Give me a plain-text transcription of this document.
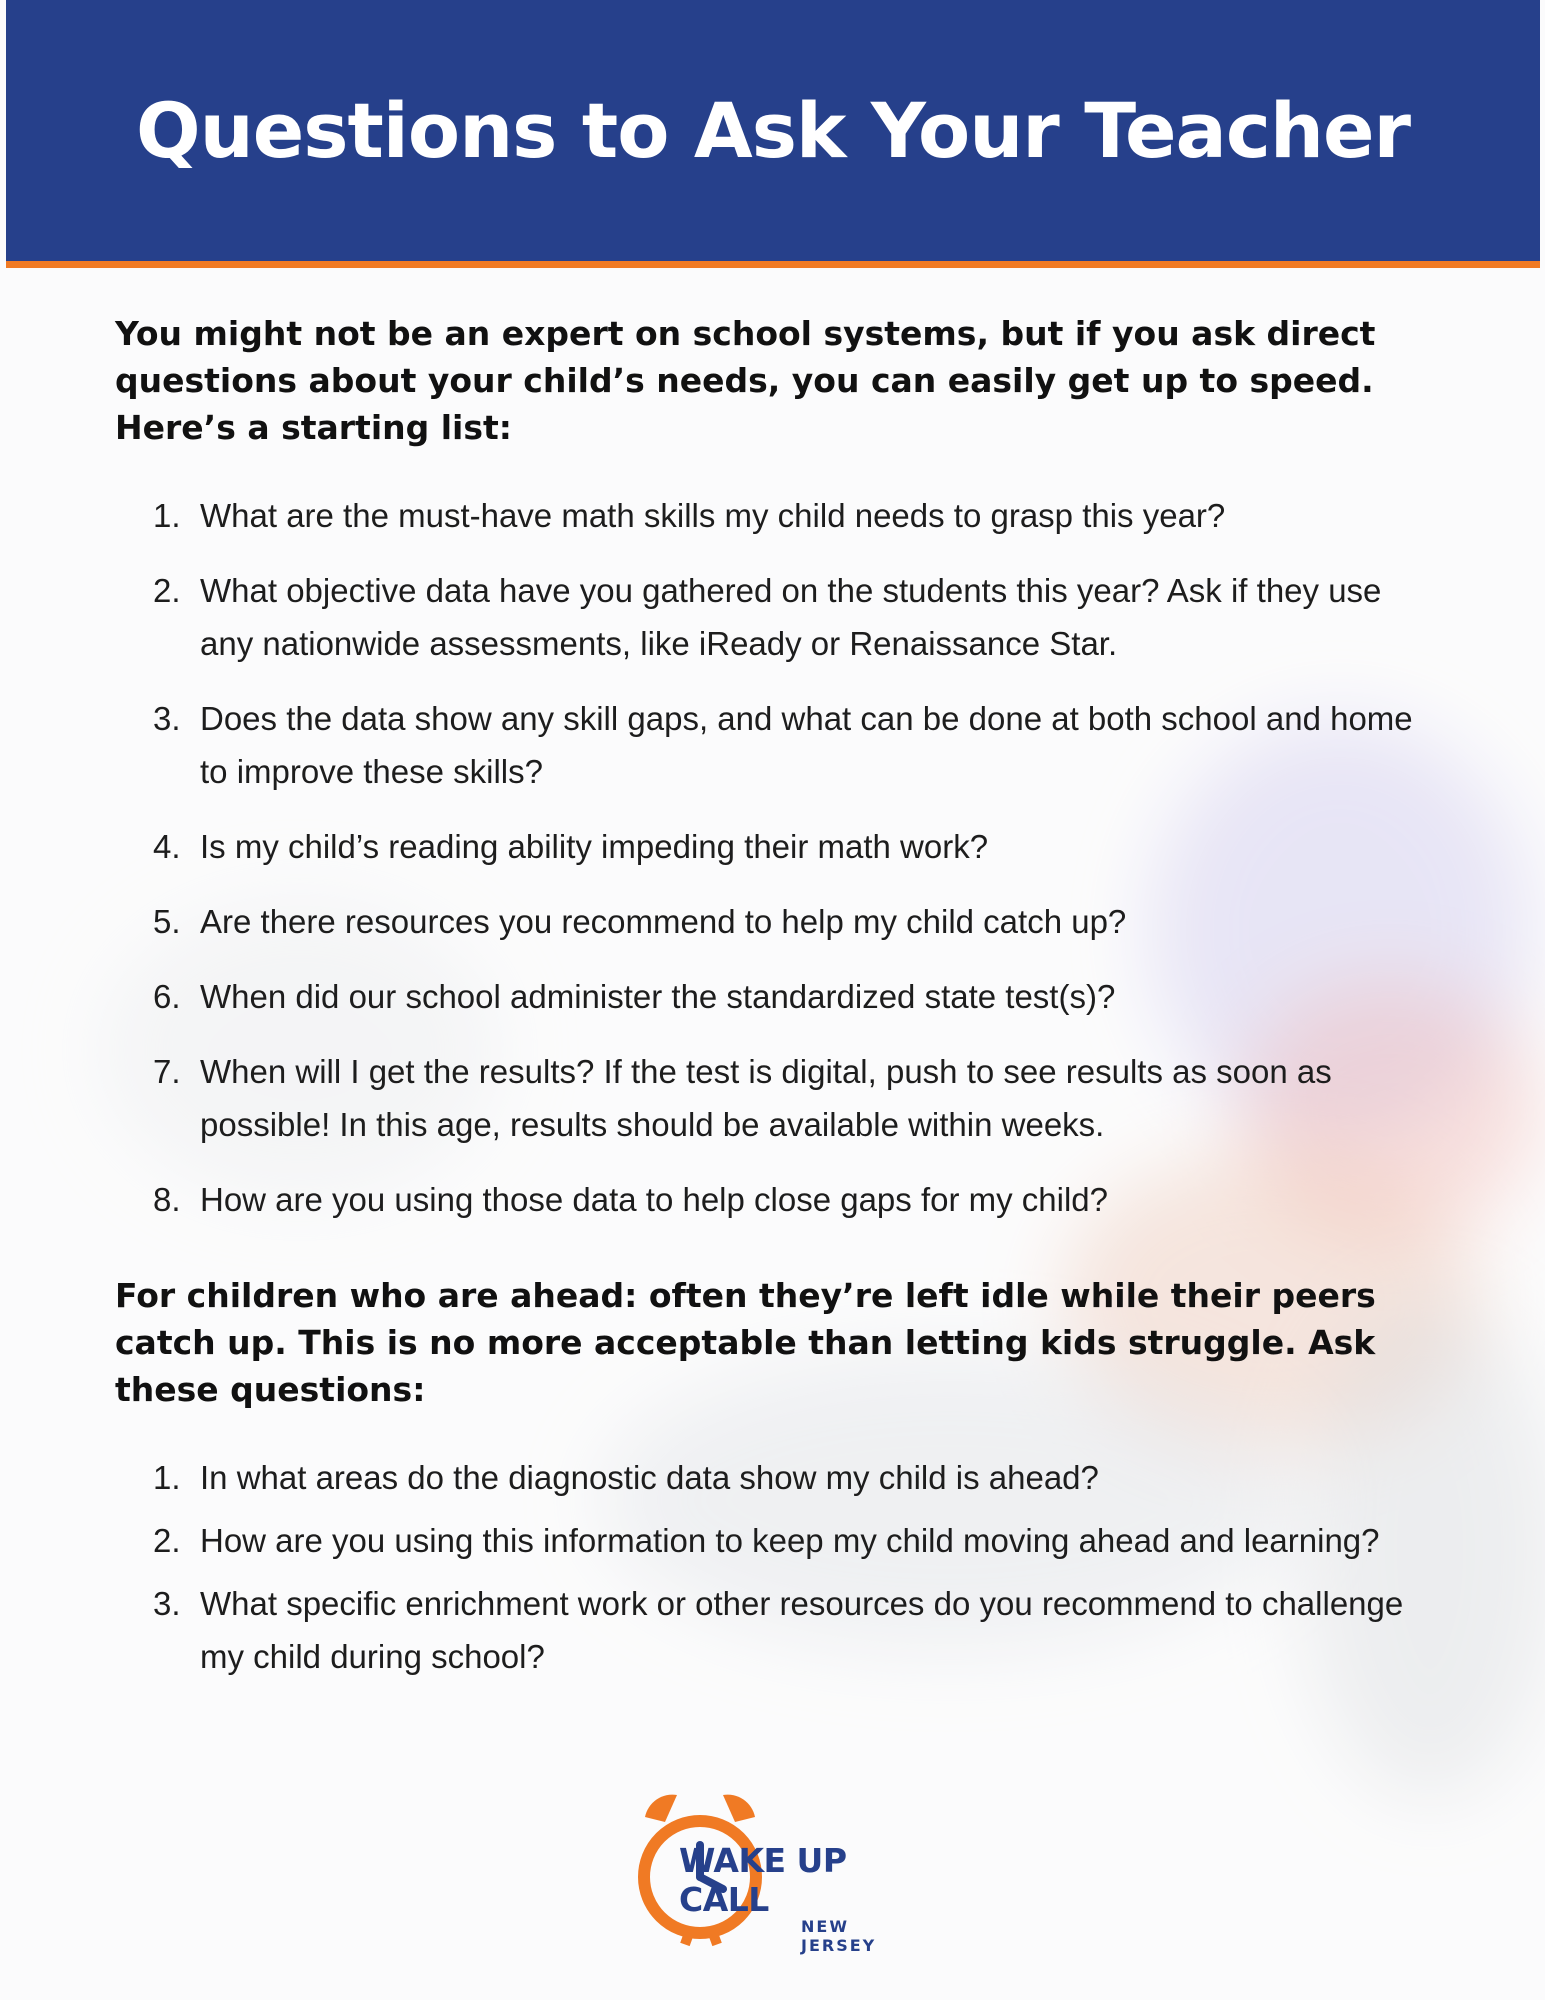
Questions to Ask Your Teacher

You might not be an expert on school systems, but if you ask direct questions about your child’s needs, you can easily get up to speed. Here’s a starting list:

1. What are the must-have math skills my child needs to grasp this year?
2. What objective data have you gathered on the students this year? Ask if they use any nationwide assessments, like iReady or Renaissance Star.
3. Does the data show any skill gaps, and what can be done at both school and home to improve these skills?
4. Is my child’s reading ability impeding their math work?
5. Are there resources you recommend to help my child catch up?
6. When did our school administer the standardized state test(s)?
7. When will I get the results? If the test is digital, push to see results as soon as possible! In this age, results should be available within weeks.
8. How are you using those data to help close gaps for my child?

For children who are ahead: often they’re left idle while their peers catch up. This is no more acceptable than letting kids struggle. Ask these questions:

1. In what areas do the diagnostic data show my child is ahead?
2. How are you using this information to keep my child moving ahead and learning?
3. What specific enrichment work or other resources do you recommend to challenge my child during school?
WAKE UP CALL
NEW JERSEY
